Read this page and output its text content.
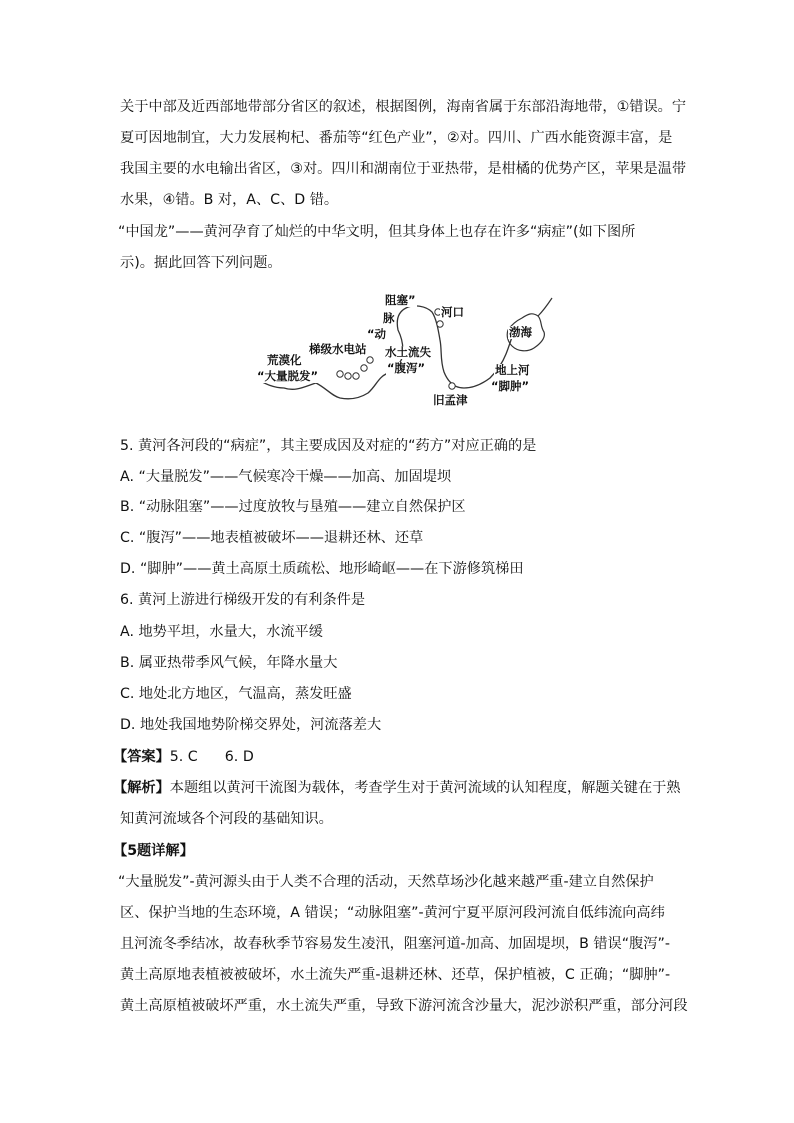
关于中部及近西部地带部分省区的叙述，根据图例，海南省属于东部沿海地带，①错误。宁
夏可因地制宜，大力发展枸杞、番茄等“红色产业”，②对。四川、广西水能资源丰富，是
我国主要的水电输出省区，③对。四川和湖南位于亚热带，是柑橘的优势产区，苹果是温带
水果，④错。B 对，A、C、D 错。
“中国龙”——黄河孕育了灿烂的中华文明，但其身体上也存在许多“病症”(如下图所
示)。据此回答下列问题。
阻塞”
脉
“动
河口
渤海
梯级水电站
荒漠化
“大量脱发”
水土流失
“腹泻”	地上河
“脚肿”
旧孟津
5. 黄河各河段的“病症”，其主要成因及对症的“药方”对应正确的是
A. “大量脱发”——气候寒冷干燥——加高、加固堤坝
B. “动脉阻塞”——过度放牧与垦殖——建立自然保护区
C. “腹泻”——地表植被破坏——退耕还林、还草
D. “脚肿”——黄土高原土质疏松、地形崎岖——在下游修筑梯田
6. 黄河上游进行梯级开发的有利条件是
A. 地势平坦，水量大，水流平缓
B. 属亚热带季风气候，年降水量大
C. 地处北方地区，气温高，蒸发旺盛
D. 地处我国地势阶梯交界处，河流落差大
【答案】5. C      6. D
【解析】本题组以黄河干流图为载体，考查学生对于黄河流域的认知程度，解题关键在于熟
知黄河流域各个河段的基础知识。
【5题详解】
“大量脱发”-黄河源头由于人类不合理的活动，天然草场沙化越来越严重-建立自然保护
区、保护当地的生态环境，A 错误；“动脉阻塞”-黄河宁夏平原河段河流自低纬流向高纬
且河流冬季结冰，故春秋季节容易发生凌汛，阻塞河道-加高、加固堤坝，B 错误“腹泻”-
黄土高原地表植被被破坏，水土流失严重-退耕还林、还草，保护植被，C 正确；“脚肿”-
黄土高原植被破坏严重，水土流失严重，导致下游河流含沙量大，泥沙淤积严重，部分河段
